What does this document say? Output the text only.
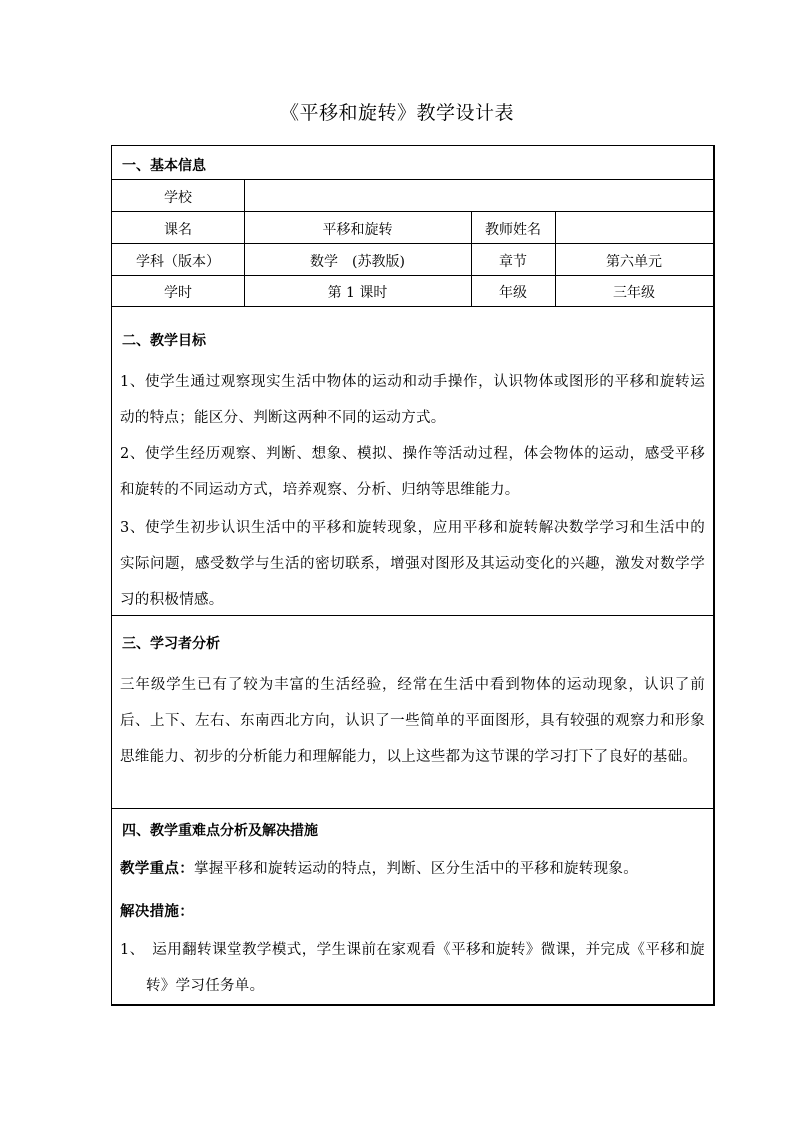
《平移和旋转》教学设计表
一、基本信息
学校
课名	平移和旋转	教师姓名
学科（版本）	数学　(苏教版)	章节	第六单元
学时	第 1 课时	年级	三年级
二、教学目标
1、使学生通过观察现实生活中物体的运动和动手操作，认识物体或图形的平移和旋转运动的特点；能区分、判断这两种不同的运动方式。
2、使学生经历观察、判断、想象、模拟、操作等活动过程，体会物体的运动，感受平移和旋转的不同运动方式，培养观察、分析、归纳等思维能力。
3、使学生初步认识生活中的平移和旋转现象，应用平移和旋转解决数学学习和生活中的实际问题，感受数学与生活的密切联系，增强对图形及其运动变化的兴趣，激发对数学学习的积极情感。
三、学习者分析
三年级学生已有了较为丰富的生活经验，经常在生活中看到物体的运动现象，认识了前后、上下、左右、东南西北方向，认识了一些简单的平面图形，具有较强的观察力和形象思维能力、初步的分析能力和理解能力，以上这些都为这节课的学习打下了良好的基础。
四、教学重难点分析及解决措施
教学重点：掌握平移和旋转运动的特点，判断、区分生活中的平移和旋转现象。
解决措施：
1、　运用翻转课堂教学模式，学生课前在家观看《平移和旋转》微课，并完成《平移和旋转》学习任务单。
